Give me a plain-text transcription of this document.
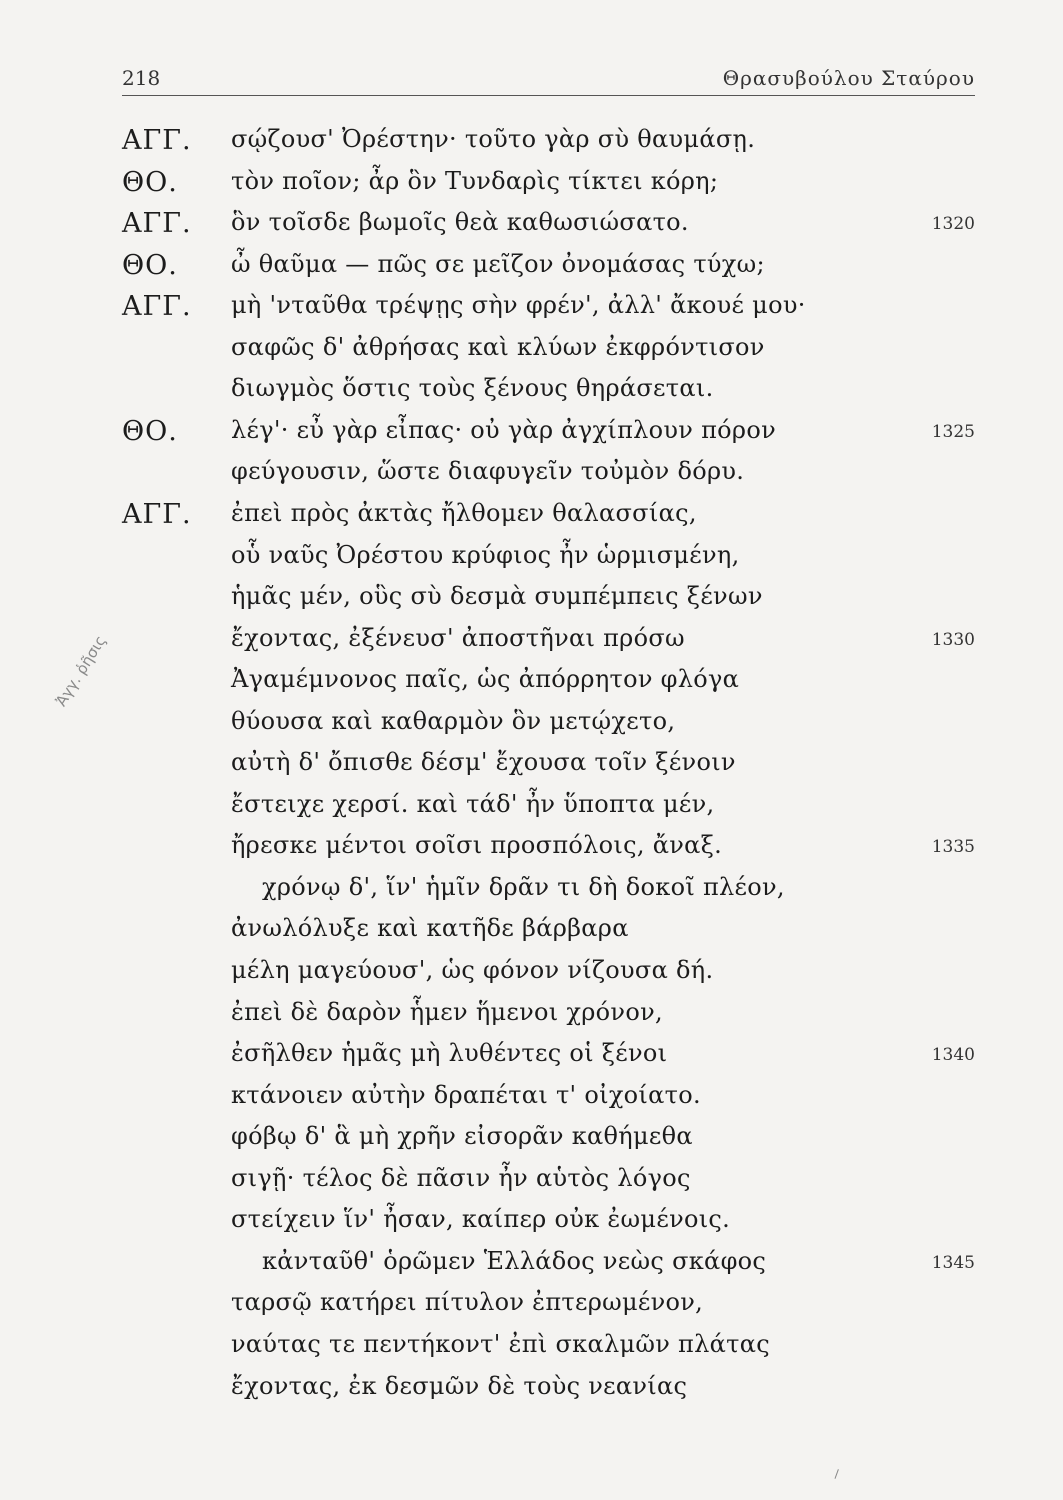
218	Θρασυβούλου Σταύρου
ΑΓΓ. σῴζουσ' Ὀρέστην· τοῦτο γὰρ σὺ θαυμάσῃ.
ΘΟ. τὸν ποῖον; ἆρ ὃν Τυνδαρὶς τίκτει κόρη;
ΑΓΓ. ὃν τοῖσδε βωμοῖς θεὰ καθωσιώσατο.	1320
ΘΟ. ὦ θαῦμα — πῶς σε μεῖζον ὀνομάσας τύχω;
ΑΓΓ. μὴ 'νταῦθα τρέψῃς σὴν φρέν', ἀλλ' ἄκουέ μου·
σαφῶς δ' ἀθρήσας καὶ κλύων ἐκφρόντισον
διωγμὸς ὅστις τοὺς ξένους θηράσεται.
ΘΟ. λέγ'· εὖ γὰρ εἶπας· οὐ γὰρ ἀγχίπλουν πόρον	1325
φεύγουσιν, ὥστε διαφυγεῖν τοὐμὸν δόρυ.
ΑΓΓ. ἐπεὶ πρὸς ἀκτὰς ἤλθομεν θαλασσίας,
οὗ ναῦς Ὀρέστου κρύφιος ἦν ὡρμισμένη,
ἡμᾶς μέν, οὓς σὺ δεσμὰ συμπέμπεις ξένων
ἔχοντας, ἐξένευσ' ἀποστῆναι πρόσω	1330
Ἀγαμέμνονος παῖς, ὡς ἀπόρρητον φλόγα
θύουσα καὶ καθαρμὸν ὃν μετῴχετο,
αὐτὴ δ' ὄπισθε δέσμ' ἔχουσα τοῖν ξένοιν
ἔστειχε χερσί. καὶ τάδ' ἦν ὕποπτα μέν,
ἤρεσκε μέντοι σοῖσι προσπόλοις, ἄναξ.	1335
χρόνῳ δ', ἵν' ἡμῖν δρᾶν τι δὴ δοκοῖ πλέον,
ἀνωλόλυξε καὶ κατῆδε βάρβαρα
μέλη μαγεύουσ', ὡς φόνον νίζουσα δή.
ἐπεὶ δὲ δαρὸν ἧμεν ἥμενοι χρόνον,
ἐσῆλθεν ἡμᾶς μὴ λυθέντες οἱ ξένοι	1340
κτάνοιεν αὐτὴν δραπέται τ' οἰχοίατο.
φόβῳ δ' ἃ μὴ χρῆν εἰσορᾶν καθήμεθα
σιγῇ· τέλος δὲ πᾶσιν ἦν αὑτὸς λόγος
στείχειν ἵν' ἦσαν, καίπερ οὐκ ἐωμένοις.
κἀνταῦθ' ὁρῶμεν Ἑλλάδος νεὼς σκάφος	1345
ταρσῷ κατήρει πίτυλον ἐπτερωμένον,
ναύτας τε πεντήκοντ' ἐπὶ σκαλμῶν πλάτας
ἔχοντας, ἐκ δεσμῶν δὲ τοὺς νεανίας
Ἀγγ. ῥῆσις
